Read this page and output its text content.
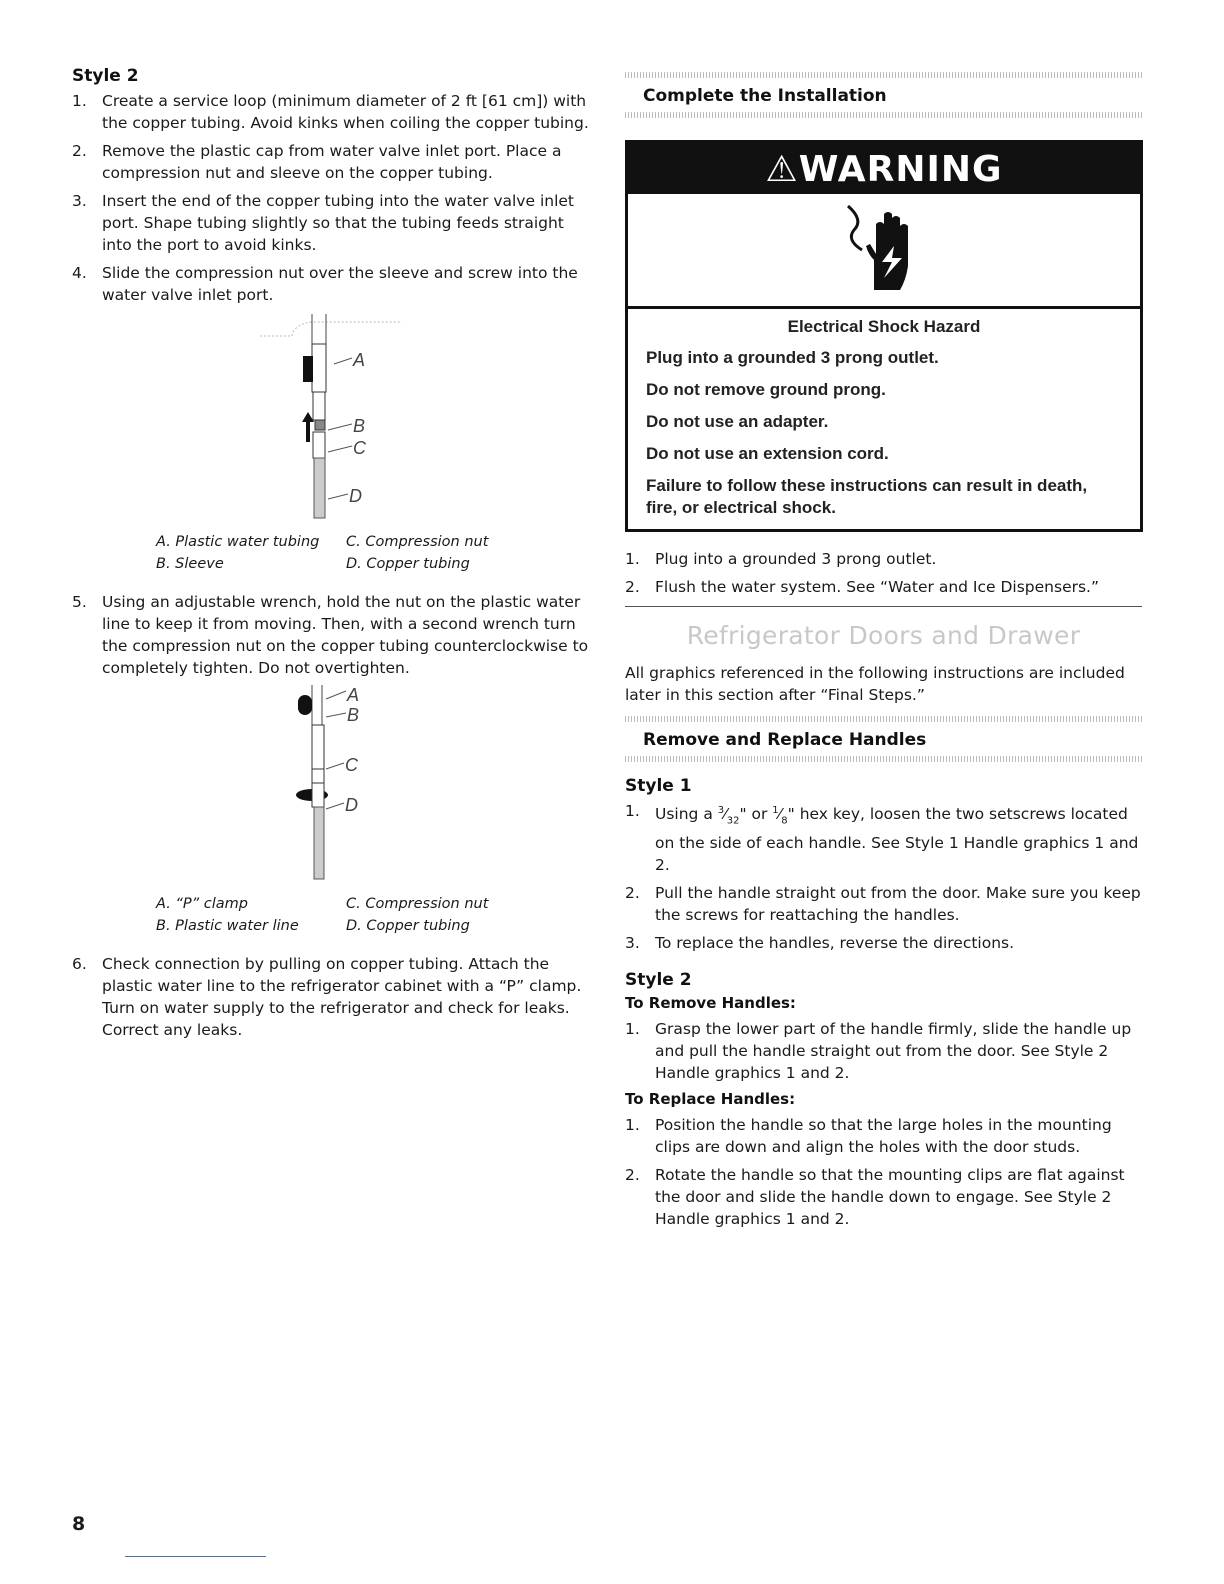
Style 2
1. Create a service loop (minimum diameter of 2 ft [61 cm]) with the copper tubing. Avoid kinks when coiling the copper tubing.
2. Remove the plastic cap from water valve inlet port. Place a compression nut and sleeve on the copper tubing.
3. Insert the end of the copper tubing into the water valve inlet port. Shape tubing slightly so that the tubing feeds straight into the port to avoid kinks.
4. Slide the compression nut over the sleeve and screw into the water valve inlet port.
A
B
C
D
A. Plastic water tubing	C. Compression nut
B. Sleeve	D. Copper tubing
5. Using an adjustable wrench, hold the nut on the plastic water line to keep it from moving. Then, with a second wrench turn the compression nut on the copper tubing counterclockwise to completely tighten. Do not overtighten.
A
B
C
D
A. “P” clamp	C. Compression nut
B. Plastic water line	D. Copper tubing
6. Check connection by pulling on copper tubing. Attach the plastic water line to the refrigerator cabinet with a “P” clamp. Turn on water supply to the refrigerator and check for leaks. Correct any leaks.
Complete the Installation
⚠WARNING
Electrical Shock Hazard

Plug into a grounded 3 prong outlet.

Do not remove ground prong.

Do not use an adapter.

Do not use an extension cord.

Failure to follow these instructions can result in death, fire, or electrical shock.

1. Plug into a grounded 3 prong outlet.
2. Flush the water system. See “Water and Ice Dispensers.”
Refrigerator Doors and Drawer

All graphics referenced in the following instructions are included later in this section after “Final Steps.”

Remove and Replace Handles
Style 1
1. Using a $^3⁄_{32}$" or $^1⁄_8$" hex key, loosen the two setscrews located on the side of each handle. See Style 1 Handle graphics 1 and 2.
2. Pull the handle straight out from the door. Make sure you keep the screws for reattaching the handles.
3. To replace the handles, reverse the directions.
Style 2
To Remove Handles:
1. Grasp the lower part of the handle firmly, slide the handle up and pull the handle straight out from the door. See Style 2 Handle graphics 1 and 2.
To Replace Handles:
1. Position the handle so that the large holes in the mounting clips are down and align the holes with the door studs.
2. Rotate the handle so that the mounting clips are flat against the door and slide the handle down to engage. See Style 2 Handle graphics 1 and 2.
8
